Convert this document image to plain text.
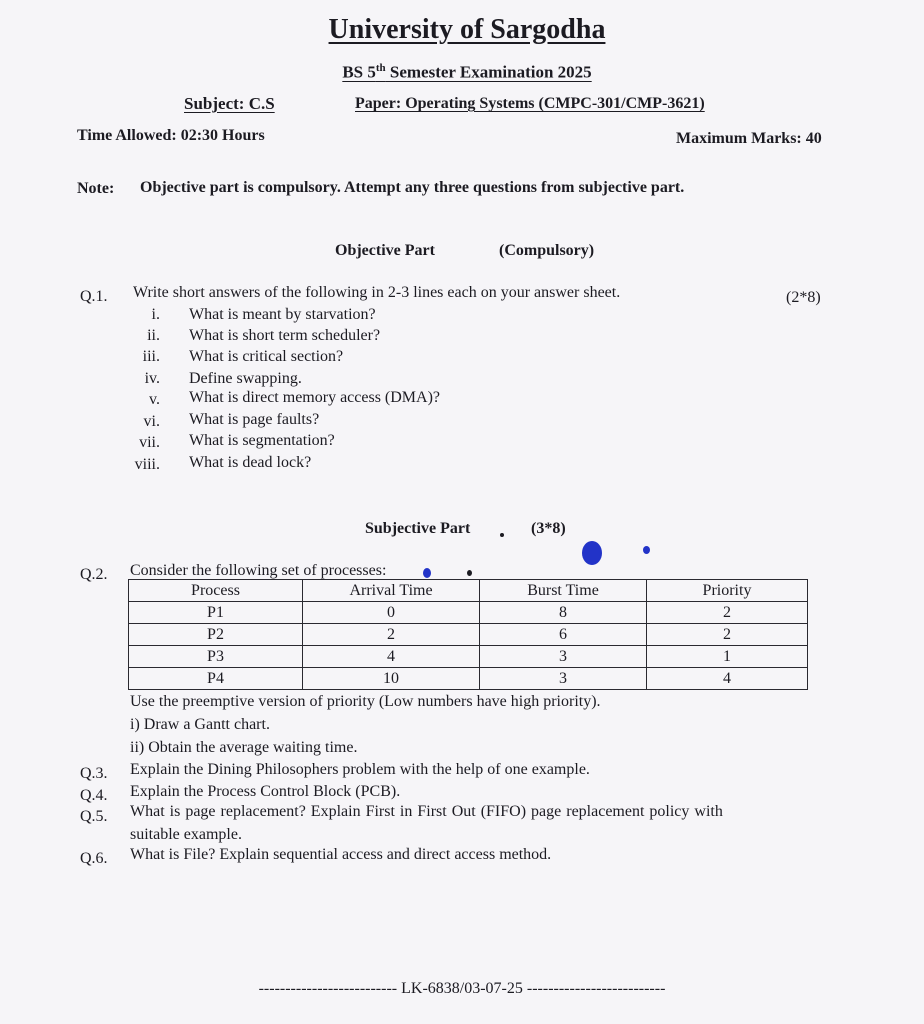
University of Sargodha
BS 5th Semester Examination 2025
Subject: C.S	Paper: Operating Systems (CMPC-301/CMP-3621)
Time Allowed: 02:30 Hours	Maximum Marks: 40
Note: Objective part is compulsory. Attempt any three questions from subjective part.
Objective Part	(Compulsory)
Q.1. Write short answers of the following in 2-3 lines each on your answer sheet.	(2*8)
i. What is meant by starvation?
ii. What is short term scheduler?
iii. What is critical section?
iv. Define swapping.
v. What is direct memory access (DMA)?
vi. What is page faults?
vii. What is segmentation?
viii. What is dead lock?
Subjective Part	(3*8)
Q.2. Consider the following set of processes:
Process	Arrival Time	Burst Time	Priority
P1	0	8	2
P2	2	6	2
P3	4	3	1
P4	10	3	4
Use the preemptive version of priority (Low numbers have high priority).
i) Draw a Gantt chart.
ii) Obtain the average waiting time.
Q.3. Explain the Dining Philosophers problem with the help of one example.
Q.4. Explain the Process Control Block (PCB).
Q.5. What is page replacement? Explain First in First Out (FIFO) page replacement policy with
suitable example.
Q.6. What is File? Explain sequential access and direct access method.
-------------------------- LK-6838/03-07-25 --------------------------
